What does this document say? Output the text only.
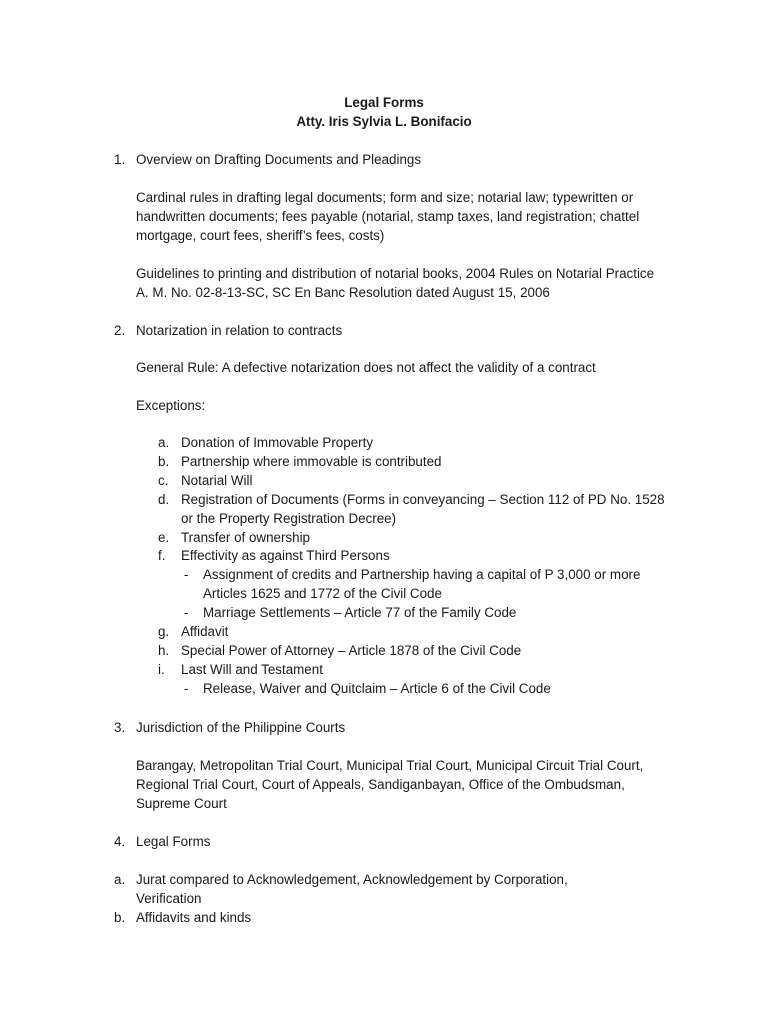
Legal Forms
Atty. Iris Sylvia L. Bonifacio
1. Overview on Drafting Documents and Pleadings
Cardinal rules in drafting legal documents; form and size; notarial law; typewritten or
handwritten documents; fees payable (notarial, stamp taxes, land registration; chattel
mortgage, court fees, sheriff’s fees, costs)
Guidelines to printing and distribution of notarial books, 2004 Rules on Notarial Practice
A. M. No. 02-8-13-SC, SC En Banc Resolution dated August 15, 2006
2. Notarization in relation to contracts
General Rule: A defective notarization does not affect the validity of a contract
Exceptions:
a. Donation of Immovable Property
b. Partnership where immovable is contributed
c. Notarial Will
d. Registration of Documents (Forms in conveyancing – Section 112 of PD No. 1528
or the Property Registration Decree)
e. Transfer of ownership
f.	Effectivity as against Third Persons
-	Assignment of credits and Partnership having a capital of P 3,000 or more
Articles 1625 and 1772 of the Civil Code
-	Marriage Settlements – Article 77 of the Family Code
g. Affidavit
h. Special Power of Attorney – Article 1878 of the Civil Code
i.	Last Will and Testament
-	Release, Waiver and Quitclaim – Article 6 of the Civil Code
3. Jurisdiction of the Philippine Courts
Barangay, Metropolitan Trial Court, Municipal Trial Court, Municipal Circuit Trial Court,
Regional Trial Court, Court of Appeals, Sandiganbayan, Office of the Ombudsman,
Supreme Court
4. Legal Forms
a. Jurat compared to Acknowledgement, Acknowledgement by Corporation,
Verification
b. Affidavits and kinds
